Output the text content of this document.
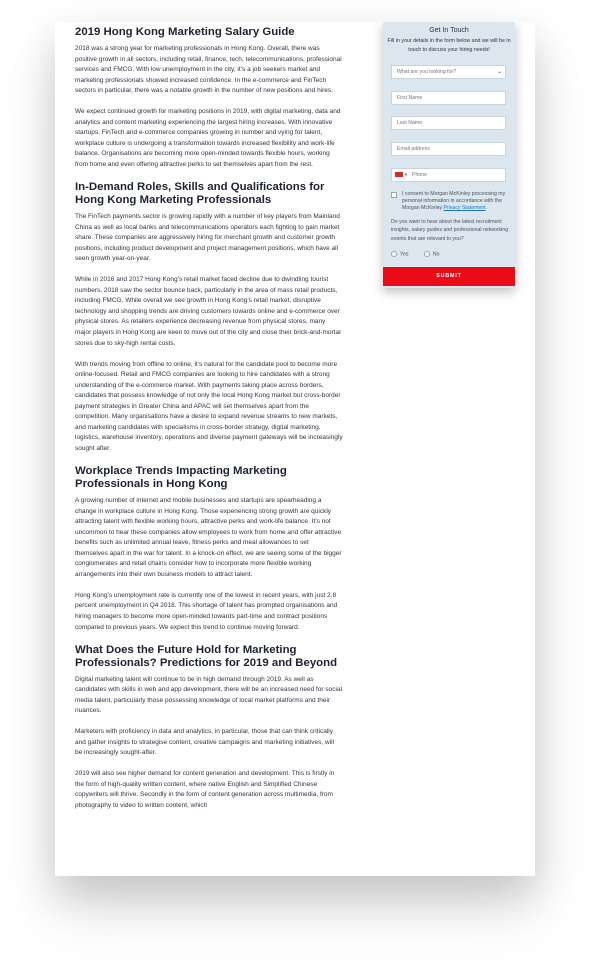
2019 Hong Kong Marketing Salary Guide

2018 was a strong year for marketing professionals in Hong Kong. Overall, there was positive growth in all sectors, including retail, finance, tech, telecommunications, professional services and FMCG. With low unemployment in the city, it’s a job seekers market and marketing professionals showed increased confidence. In the e-commerce and FinTech sectors in particular, there was a notable growth in the number of new positions and hires.

We expect continued growth for marketing positions in 2019, with digital marketing, data and analytics and content marketing experiencing the largest hiring increases. With innovative startups, FinTech and e-commerce companies growing in number and vying for talent, workplace culture is undergoing a transformation towards increased flexibility and work-life balance. Organisations are becoming more open-minded towards flexible hours, working from home and even offering attractive perks to set themselves apart from the rest.

In-Demand Roles, Skills and Qualifications for Hong Kong Marketing Professionals

The FinTech payments sector is growing rapidly with a number of key players from Mainland China as well as local banks and telecommunications operators each fighting to gain market share. These companies are aggressively hiring for merchant growth and customer growth positions, including product development and project management positions, which have all seen growth year-on-year.

While in 2016 and 2017 Hong Kong’s retail market faced decline due to dwindling tourist numbers, 2018 saw the sector bounce back, particularly in the area of mass retail products, including FMCG. While overall we see growth in Hong Kong’s retail market, disruptive technology and shopping trends are driving customers towards online and e-commerce over physical stores. As retailers experience decreasing revenue from physical stores, many major players in Hong Kong are keen to move out of the city and close their brick-and-mortar stores due to sky-high rental costs.

With trends moving from offline to online, it’s natural for the candidate pool to become more online-focused. Retail and FMCG companies are looking to hire candidates with a strong understanding of the e-commerce market. With payments taking place across borders, candidates that possess knowledge of not only the local Hong Kong market but cross-border payment strategies in Greater China and APAC will set themselves apart from the competition. Many organisations have a desire to expand revenue streams to new markets, and marketing candidates with specialisms in cross-border strategy, digital marketing, logistics, warehouse inventory, operations and diverse payment gateways will be increasingly sought after.

Workplace Trends Impacting Marketing Professionals in Hong Kong

A growing number of internet and mobile businesses and startups are spearheading a change in workplace culture in Hong Kong. Those experiencing strong growth are quickly attracting talent with flexible working hours, attractive perks and work-life balance. It’s not uncommon to hear these companies allow employees to work from home and offer attractive benefits such as unlimited annual leave, fitness perks and meal allowances to set themselves apart in the war for talent. In a knock-on effect, we are seeing some of the bigger conglomerates and retail chains consider how to incorporate more flexible working arrangements into their own business models to attract talent.

Hong Kong’s unemployment rate is currently one of the lowest in recent years, with just 2.8 percent unemployment in Q4 2018. This shortage of talent has prompted organisations and hiring managers to become more open-minded towards part-time and contract positions compared to previous years. We expect this trend to continue moving forward.

What Does the Future Hold for Marketing Professionals? Predictions for 2019 and Beyond

Digital marketing talent will continue to be in high demand through 2019. As well as candidates with skills in web and app development, there will be an increased need for social media talent, particularly those possessing knowledge of local market platforms and their nuances.

Marketers with proficiency in data and analytics, in particular, those that can think critically and gather insights to strategise content, creative campaigns and marketing initiatives, will be increasingly sought-after.

2019 will also see higher demand for content generation and development. This is firstly in the form of high-quality written content, where native English and Simplified Chinese copywriters will thrive. Secondly in the form of content generation across multimedia, from photography to video to written content, which

Get In Touch
Fill in your details in the form below and we will be in touch to discuss your hiring needs!
What are you looking for?	⌄
First Name
Last Name
Email address
▼ Phone
I consent to Morgan McKinley processing my personal information in accordance with the Morgan McKinley Privacy Statement.
Do you want to hear about the latest recruitment insights, salary guides and professional networking events that are relevant to you?
Yes	No
SUBMIT
